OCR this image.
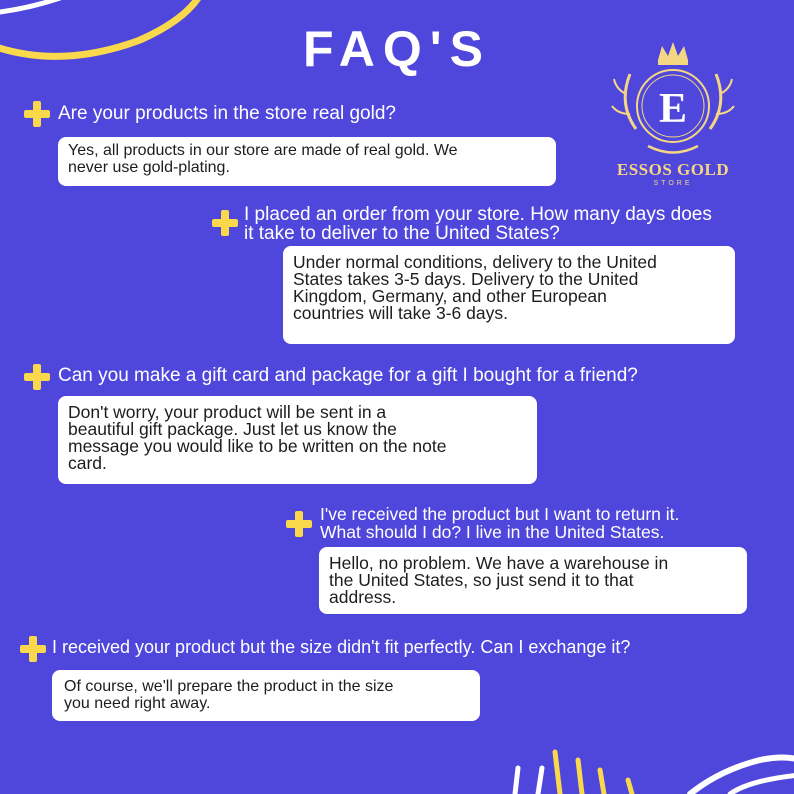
FAQ'S
E
ESSOS GOLD
STORE
Are your products in the store real gold?
Yes, all products in our store are made of real gold. We
never use gold-plating.
I placed an order from your store. How many days does
it take to deliver to the United States?
Under normal conditions, delivery to the United
States takes 3-5 days. Delivery to the United
Kingdom, Germany, and other European
countries will take 3-6 days.
Can you make a gift card and package for a gift I bought for a friend?
Don't worry, your product will be sent in a
beautiful gift package. Just let us know the
message you would like to be written on the note
card.
I've received the product but I want to return it.
What should I do? I live in the United States.
Hello, no problem. We have a warehouse in
the United States, so just send it to that
address.
I received your product but the size didn't fit perfectly. Can I exchange it?
Of course, we'll prepare the product in the size
you need right away.
